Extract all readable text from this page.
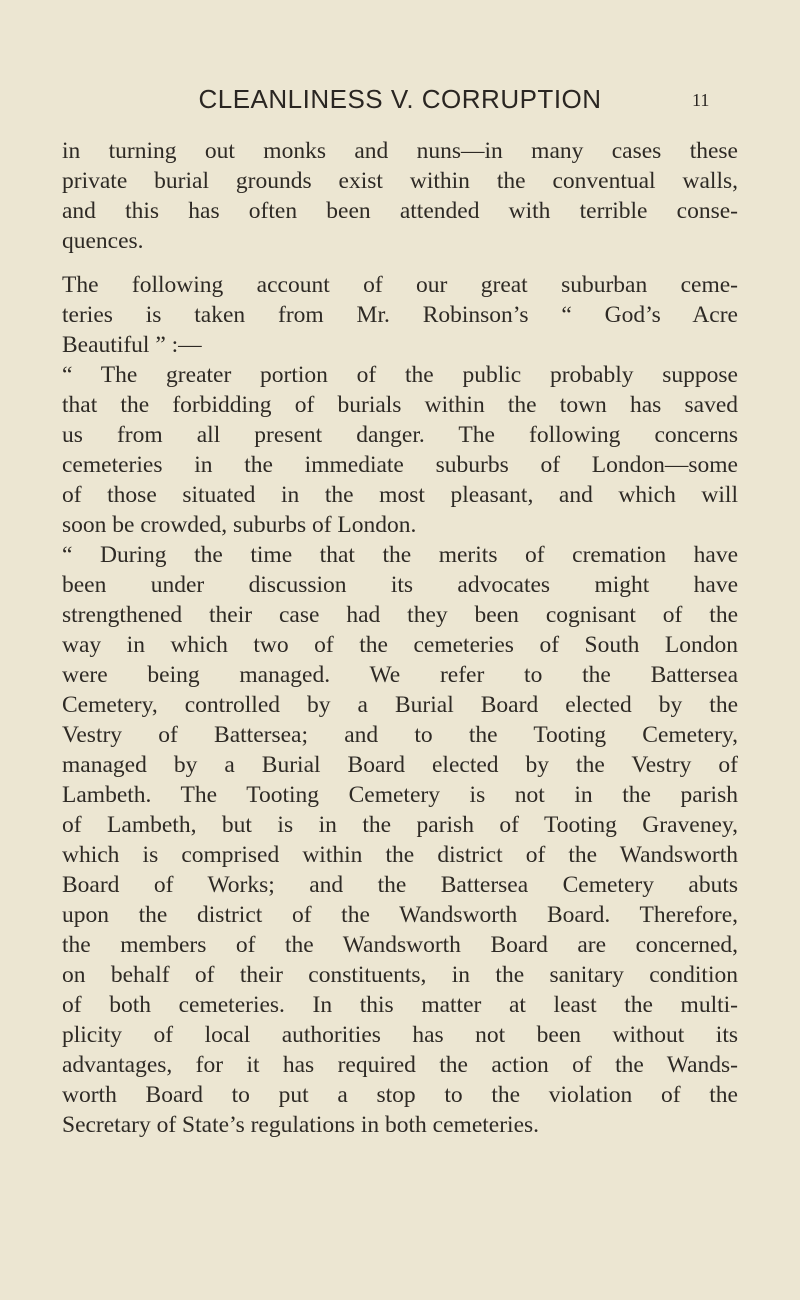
CLEANLINESS V. CORRUPTION	11
in turning out monks and nuns—in many cases these
private burial grounds exist within the conventual walls,
and this has often been attended with terrible conse-
quences.
The following account of our great suburban ceme-
teries is taken from Mr. Robinson’s “ God’s Acre
Beautiful ” :—
“ The greater portion of the public probably suppose
that the forbidding of burials within the town has saved
us from all present danger. The following concerns
cemeteries in the immediate suburbs of London—some
of those situated in the most pleasant, and which will
soon be crowded, suburbs of London.
“ During the time that the merits of cremation have
been under discussion its advocates might have
strengthened their case had they been cognisant of the
way in which two of the cemeteries of South London
were being managed. We refer to the Battersea
Cemetery, controlled by a Burial Board elected by the
Vestry of Battersea; and to the Tooting Cemetery,
managed by a Burial Board elected by the Vestry of
Lambeth. The Tooting Cemetery is not in the parish
of Lambeth, but is in the parish of Tooting Graveney,
which is comprised within the district of the Wandsworth
Board of Works; and the Battersea Cemetery abuts
upon the district of the Wandsworth Board. Therefore,
the members of the Wandsworth Board are concerned,
on behalf of their constituents, in the sanitary condition
of both cemeteries. In this matter at least the multi-
plicity of local authorities has not been without its
advantages, for it has required the action of the Wands-
worth Board to put a stop to the violation of the
Secretary of State’s regulations in both cemeteries.
